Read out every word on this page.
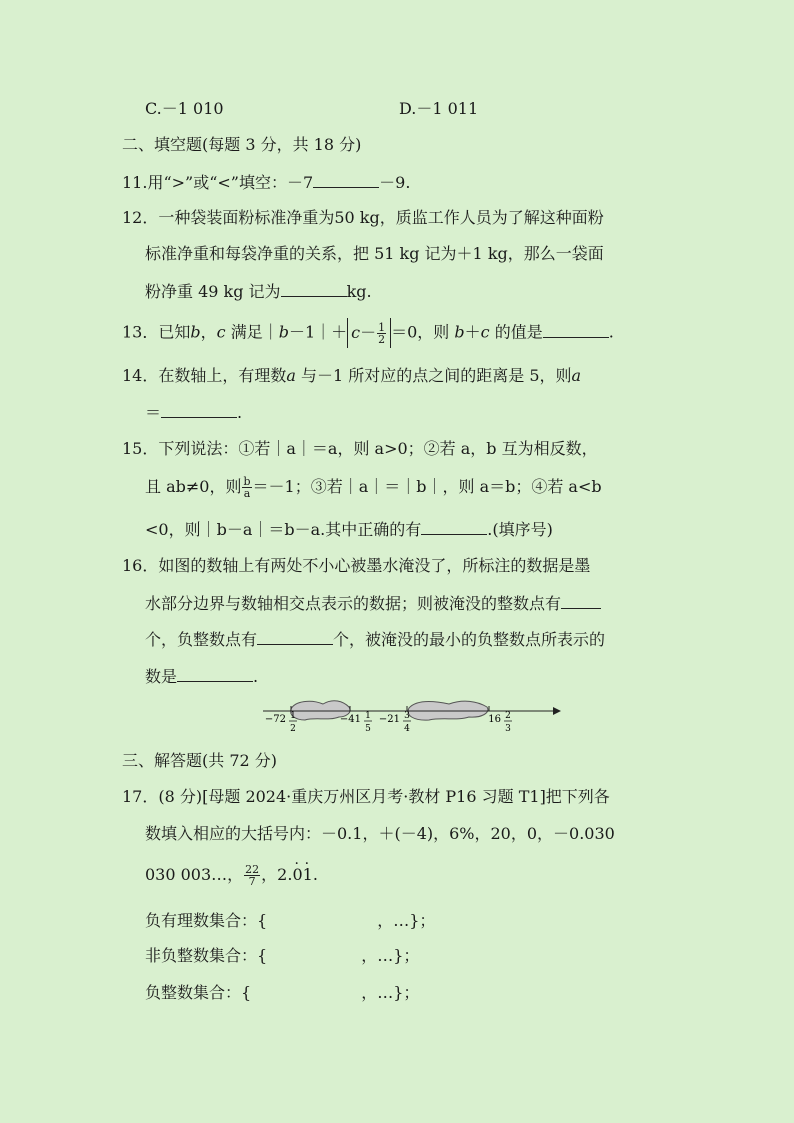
C.－1 010	D.－1 011
二、填空题(每题 3 分，共 18 分)
11.用“>”或“<”填空：－7	－9.
12．一种袋装面粉标准净重为50 kg，质监工作人员为了解这种面粉
标准净重和每袋净重的关系，把 51 kg 记为＋1 kg，那么一袋面
粉净重 49 kg 记为	kg.
13．已知b，c 满足｜b－1｜＋ $c- \frac{1}{2} =0$，则 b＋c 的值是	.
14．在数轴上，有理数a 与－1 所对应的点之间的距离是 5，则a
＝	.
15．下列说法：①若｜a｜＝a，则 a>0；②若 a，b 互为相反数，
且 ab≠0，则 $\frac{b}{a} =-1$；③若｜a｜＝｜b｜，则 a＝b；④若 a<b
<0，则｜b－a｜＝b－a.其中正确的有	.(填序号)
16．如图的数轴上有两处不小心被墨水淹没了，所标注的数据是墨
水部分边界与数轴相交点表示的数据；则被淹没的整数点有
个，负整数点有	个，被淹没的最小的负整数点所表示的
数是	.
−72 1
2
−41 1
5
−21 3
4
16 2
3
三、解答题(共 72 分)
17．(8 分)[母题 2024·重庆万州区月考·教材 P16 习题 T1]把下列各
数填入相应的大括号内：－0.1，＋(－4)，6%，20，0，－0.030
030 003…， $\frac{22}{7}$ ，2.0 ·1 ·.
负有理数集合：{	，…}；
非负整数集合：{	，…}；
负整数集合：{	，…}；
